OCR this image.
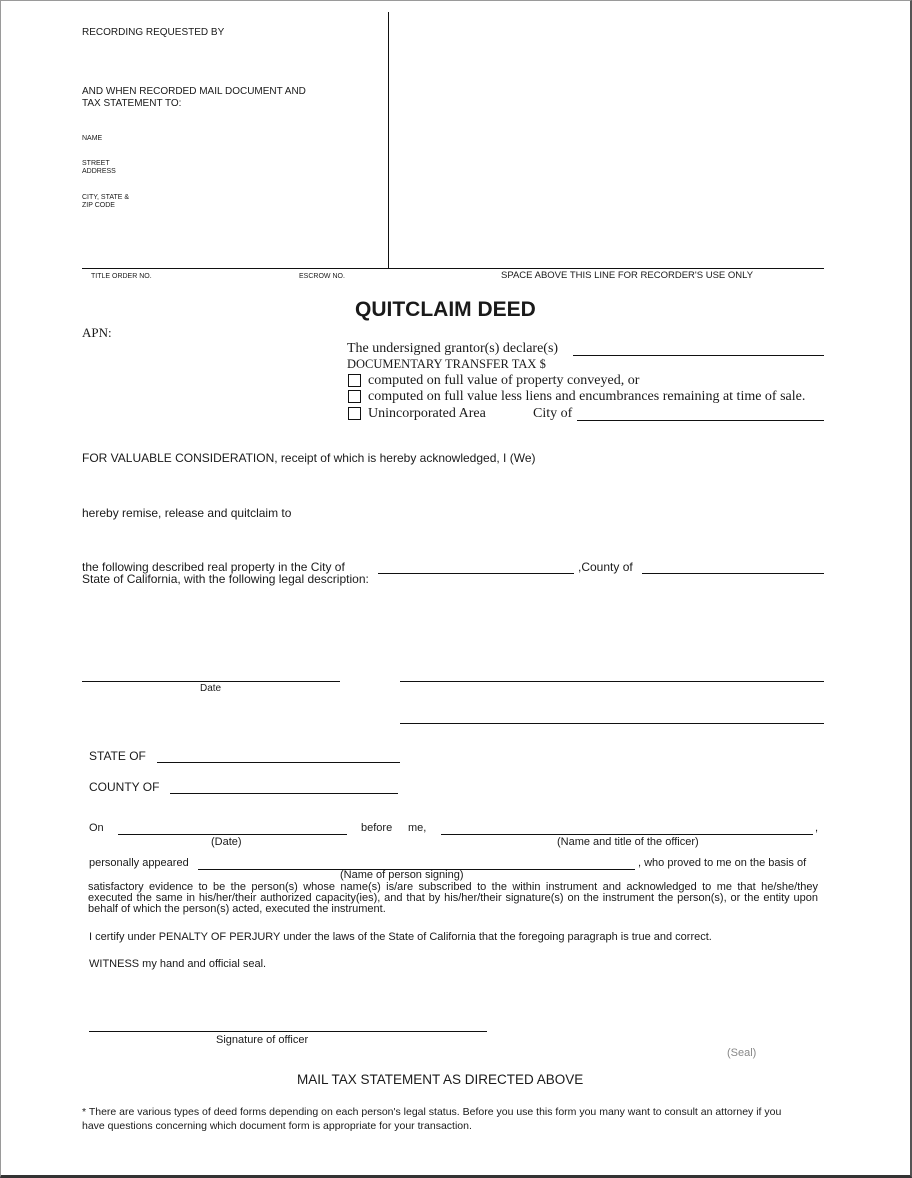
RECORDING REQUESTED BY
AND WHEN RECORDED MAIL DOCUMENT AND
TAX STATEMENT TO:
NAME
STREET
ADDRESS
CITY, STATE &
ZIP CODE
TITLE ORDER NO.	ESCROW NO.	SPACE ABOVE THIS LINE FOR RECORDER'S USE ONLY
QUITCLAIM DEED
APN:
The undersigned grantor(s) declare(s)
DOCUMENTARY TRANSFER TAX $
computed on full value of property conveyed, or
computed on full value less liens and encumbrances remaining at time of sale.
Unincorporated Area	City of
FOR VALUABLE CONSIDERATION, receipt of which is hereby acknowledged, I (We)
hereby remise, release and quitclaim to
the following described real property in the City of	,County of
State of California, with the following legal description:
Date
STATE OF
COUNTY OF
On	before me,	,
(Date)	(Name and title of the officer)
personally appeared	, who proved to me on the basis of
(Name of person signing)
satisfactory evidence to be the person(s) whose name(s) is/are subscribed to the within instrument and acknowledged to me that he/she/they executed the same in his/her/their authorized capacity(ies), and that by his/her/their signature(s) on the instrument the person(s), or the entity upon behalf of which the person(s) acted, executed the instrument.
I certify under PENALTY OF PERJURY under the laws of the State of California that the foregoing paragraph is true and correct.
WITNESS my hand and official seal.
Signature of officer
(Seal)
MAIL TAX STATEMENT AS DIRECTED ABOVE
* There are various types of deed forms depending on each person's legal status. Before you use this form you many want to consult an attorney if you have questions concerning which document form is appropriate for your transaction.
